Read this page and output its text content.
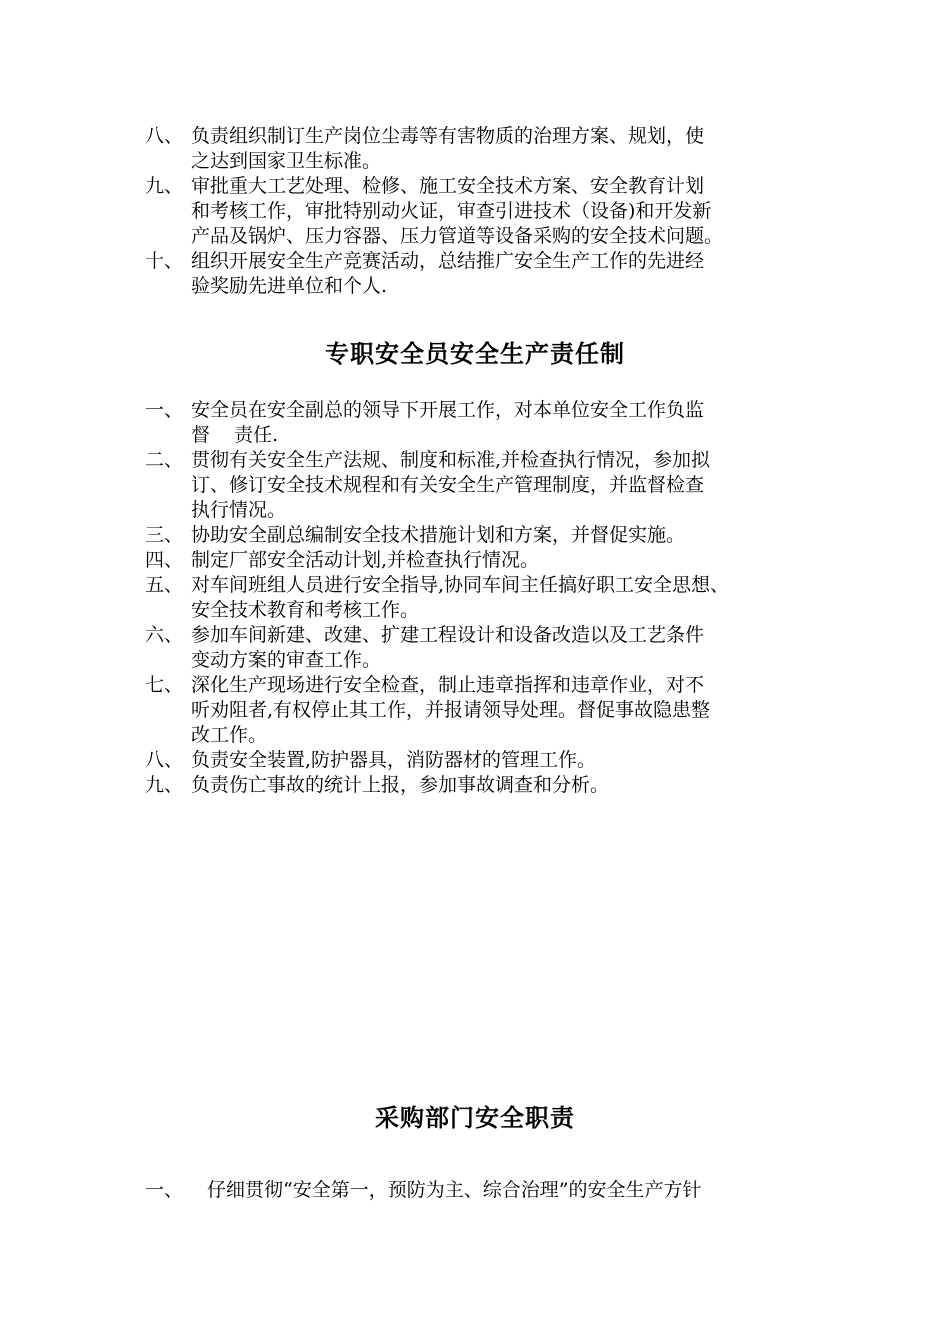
八、 负责组织制订生产岗位尘毒等有害物质的治理方案、规划，使
之达到国家卫生标准。
九、 审批重大工艺处理、检修、施工安全技术方案、安全教育计划
和考核工作，审批特别动火证，审查引进技术（设备)和开发新
产品及锅炉、压力容器、压力管道等设备采购的安全技术问题。
十、 组织开展安全生产竞赛活动，总结推广安全生产工作的先进经
验奖励先进单位和个人.
专职安全员安全生产责任制
一、 安全员在安全副总的领导下开展工作，对本单位安全工作负监
督    责任.
二、 贯彻有关安全生产法规、制度和标准,并检查执行情况，参加拟
订、修订安全技术规程和有关安全生产管理制度，并监督检查
执行情况。
三、 协助安全副总编制安全技术措施计划和方案，并督促实施。
四、 制定厂部安全活动计划,并检查执行情况。
五、 对车间班组人员进行安全指导,协同车间主任搞好职工安全思想、
安全技术教育和考核工作。
六、 参加车间新建、改建、扩建工程设计和设备改造以及工艺条件
变动方案的审查工作。
七、 深化生产现场进行安全检查，制止违章指挥和违章作业，对不
听劝阻者,有权停止其工作，并报请领导处理。督促事故隐患整
改工作。
八、 负责安全装置,防护器具，消防器材的管理工作。
九、 负责伤亡事故的统计上报，参加事故调查和分析。
采购部门安全职责
一、 仔细贯彻“安全第一，预防为主、综合治理”的安全生产方针
